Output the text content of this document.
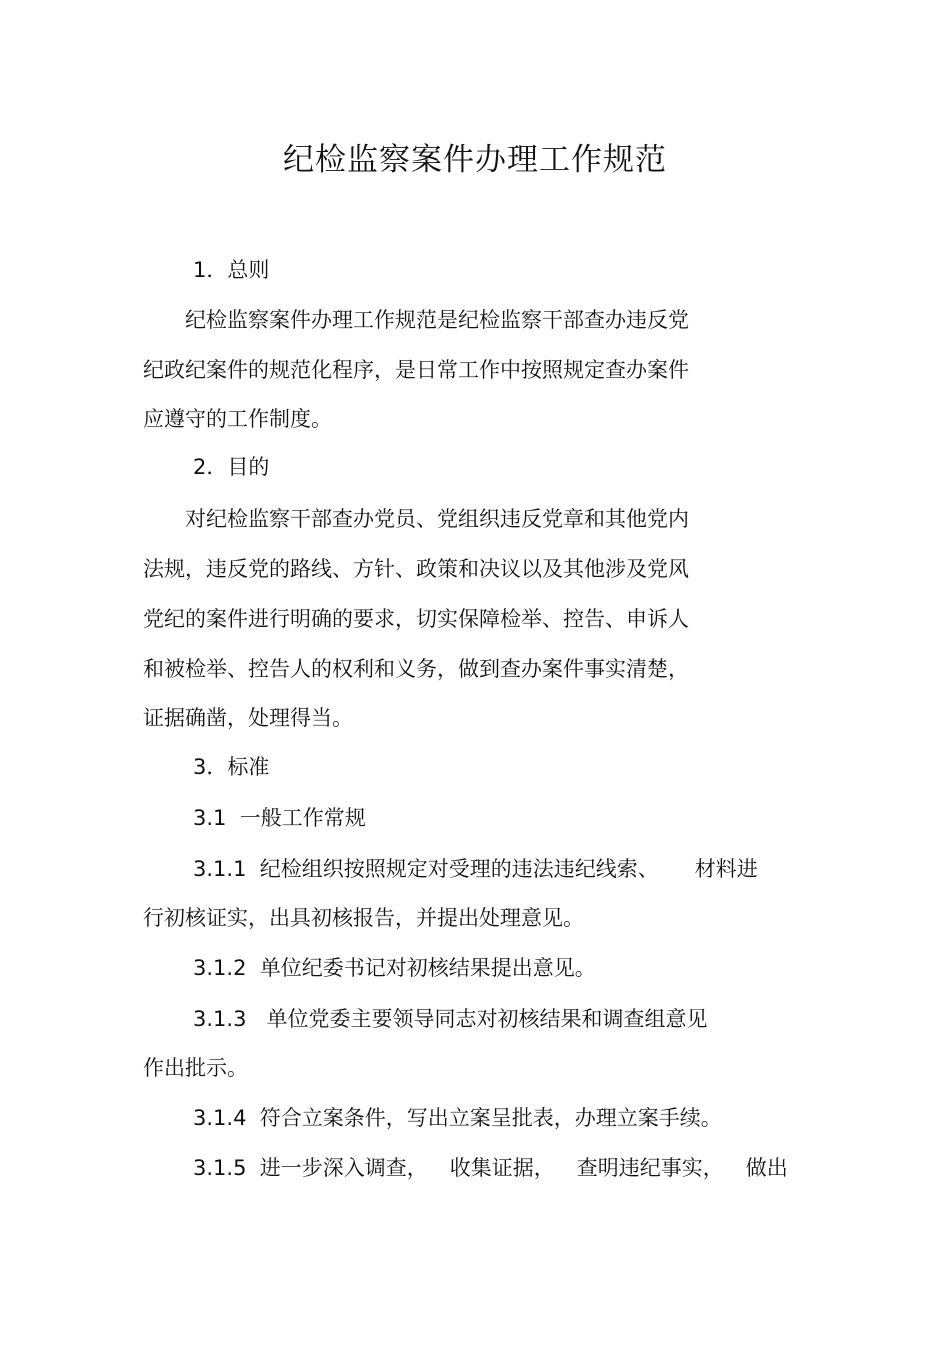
纪检监察案件办理工作规范
1．总则
纪检监察案件办理工作规范是纪检监察干部查办违反党
纪政纪案件的规范化程序，是日常工作中按照规定查办案件
应遵守的工作制度。
2．目的
对纪检监察干部查办党员、党组织违反党章和其他党内
法规，违反党的路线、方针、政策和决议以及其他涉及党风
党纪的案件进行明确的要求，切实保障检举、控告、申诉人
和被检举、控告人的权利和义务，做到查办案件事实清楚，
证据确凿，处理得当。
3．标准
3.1  一般工作常规
3.1.1  纪检组织按照规定对受理的违法违纪线索、 材料进
行初核证实，出具初核报告，并提出处理意见。
3.1.2  单位纪委书记对初核结果提出意见。
3.1.3   单位党委主要领导同志对初核结果和调查组意见
作出批示。
3.1.4  符合立案条件，写出立案呈批表，办理立案手续。
3.1.5  进一步深入调查， 收集证据， 查明违纪事实， 做出
